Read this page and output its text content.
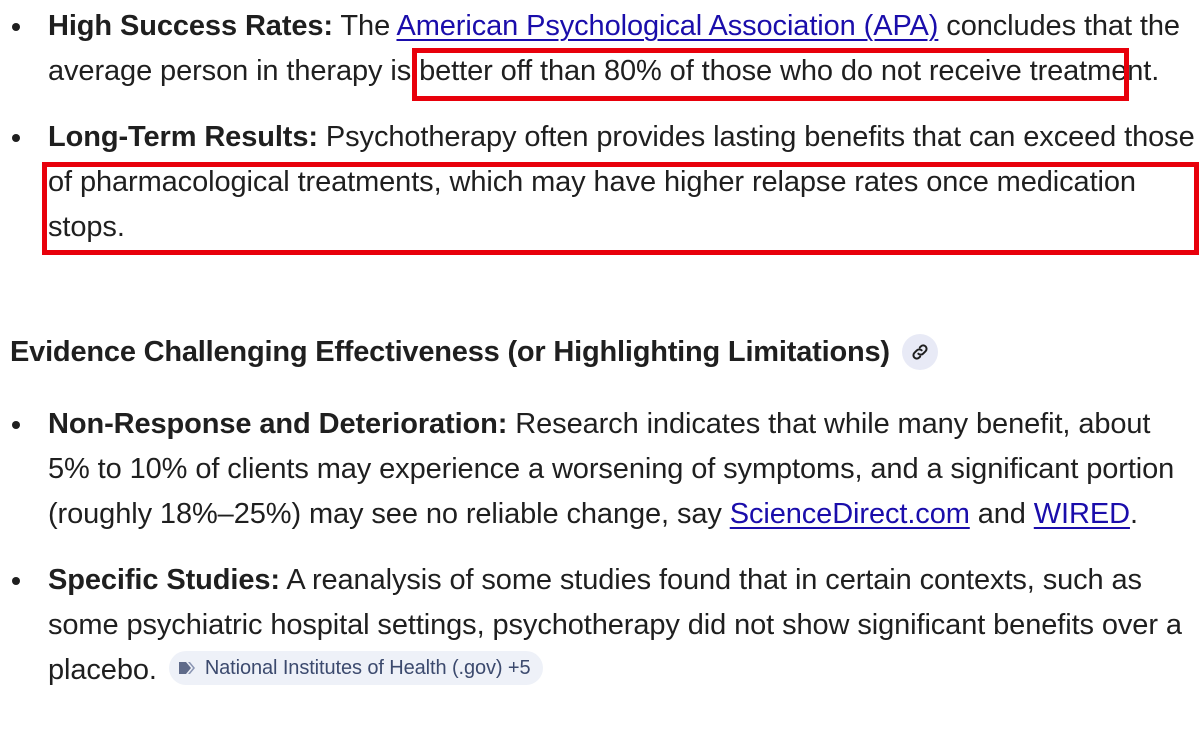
High Success Rates: The American Psychological Association (APA) concludes that the average person in therapy is better off than 80% of those who do not receive treatment.
Long-Term Results: Psychotherapy often provides lasting benefits that can exceed those of pharmacological treatments, which may have higher relapse rates once medication stops.
Evidence Challenging Effectiveness (or Highlighting Limitations)
Non-Response and Deterioration: Research indicates that while many benefit, about 5% to 10% of clients may experience a worsening of symptoms, and a significant portion (roughly 18%–25%) may see no reliable change, say ScienceDirect.com and WIRED.
Specific Studies: A reanalysis of some studies found that in certain contexts, such as some psychiatric hospital settings, psychotherapy did not show significant benefits over a placebo. National Institutes of Health (.gov) +5
